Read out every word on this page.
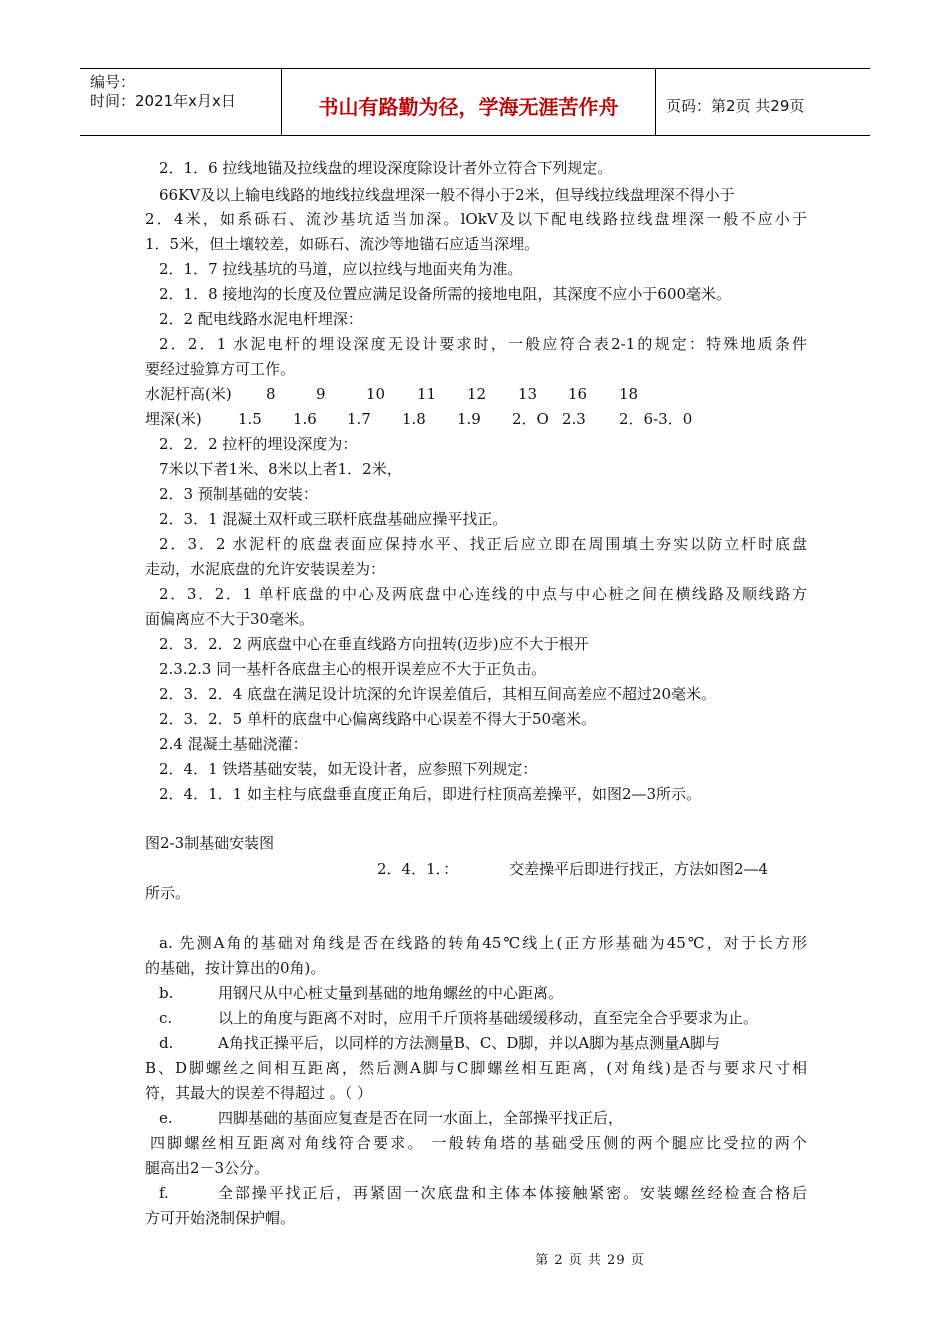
编号：
时间：2021年x月x日	书山有路勤为径，学海无涯苦作舟	页码：第2页 共29页
2．1．6 拉线地锚及拉线盘的埋设深度除设计者外立符合下列规定。
66KV及以上输电线路的地线拉线盘埋深一般不得小于2米，但导线拉线盘埋深不得小于
2．4米，如系砾石、流沙基坑适当加深。lOkV及以下配电线路拉线盘埋深一般不应小于
1．5米，但土壤较差，如砾石、流沙等地锚石应适当深埋。
2．1．7 拉线基坑的马道，应以拉线与地面夹角为准。
2．1．8 接地沟的长度及位置应满足设备所需的接地电阻，其深度不应小于600毫米。
2．2 配电线路水泥电杆埋深：
2．2．1 水泥电杆的埋设深度无设计要求时，一般应符合表2-1的规定：特殊地质条件
要经过验算方可工作。
水泥杆高(米) 8	9	10 11 12 13 16 18
埋深(米) 1.5 1.6 1.7 1.8 1.9 2．O 2.3 2．6-3．0
2．2．2 拉杆的埋设深度为：
7米以下者1米、8米以上者1．2米，
2．3 预制基础的安装：
2．3．1 混凝土双杆或三联杆底盘基础应操平找正。
2．3．2 水泥杆的底盘表面应保持水平、找正后应立即在周围填土夯实以防立杆时底盘
走动，水泥底盘的允许安装误差为：
2．3．2．1 单杆底盘的中心及两底盘中心连线的中点与中心桩之间在横线路及顺线路方
面偏离应不大于30毫米。
2．3．2．2 两底盘中心在垂直线路方向扭转(迈步)应不大于根开
2.3.2.3 同一基杆各底盘主心的根开误差应不大于正负击。
2．3．2．4 底盘在满足设计坑深的允许误差值后，其相互间高差应不超过20毫米。
2．3．2．5 单杆的底盘中心偏离线路中心误差不得大于50毫米。
2.4 混凝土基础浇灌：
2．4．1 铁塔基础安装，如无设计者，应参照下列规定：
2．4．1．1 如主柱与底盘垂直度正角后，即进行柱顶高差操平，如图2—3所示。
图2-3制基础安装图
2．4．1．：	交差操平后即进行找正，方法如图2—4
所示。
a. 先测A角的基础对角线是否在线路的转角45℃线上(正方形基础为45℃，对于长方形
的基础，按计算出的0角)。
b.	用钢尺从中心桩丈量到基础的地角螺丝的中心距离。
c.	以上的角度与距离不对时，应用千斤顶将基础缓缓移动，直至完全合乎要求为止。
d.	A角找正操平后，以同样的方法测量B、C、D脚，并以A脚为基点测量A脚与
B、D脚螺丝之间相互距离，然后测A脚与C脚螺丝相互距离，(对角线)是否与要求尺寸相
符，其最大的误差不得超过 。（ ）
e.	四脚基础的基面应复查是否在同一水面上，全部操平找正后，
四脚螺丝相互距离对角线符合要求。 一般转角塔的基础受压侧的两个腿应比受拉的两个
腿高出2－3公分。
f.	全部操平找正后，再紧固一次底盘和主体本体接触紧密。安装螺丝经检查合格后
方可开始浇制保护帽。
第 2 页 共 29 页
